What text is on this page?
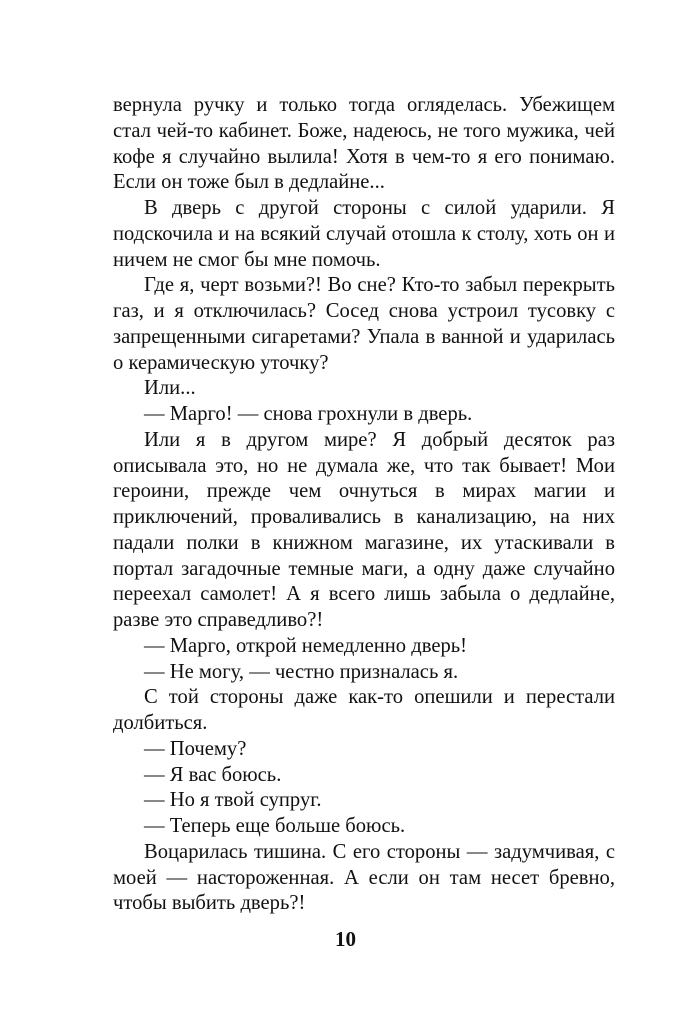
вернула ручку и только тогда огляделась. Убежищем стал чей-то кабинет. Боже, надеюсь, не того мужика, чей кофе я случайно вылила! Хотя в чем-то я его понимаю. Если он тоже был в дедлайне...

В дверь с другой стороны с силой ударили. Я подскочила и на всякий случай отошла к столу, хоть он и ничем не смог бы мне помочь.

Где я, черт возьми?! Во сне? Кто-то забыл перекрыть газ, и я отключилась? Сосед снова устроил тусовку с запрещенными сигаретами? Упала в ванной и ударилась о керамическую уточку?

Или...

— Марго! — снова грохнули в дверь.

Или я в другом мире? Я добрый десяток раз описывала это, но не думала же, что так бывает! Мои героини, прежде чем очнуться в мирах магии и приключений, проваливались в канализацию, на них падали полки в книжном магазине, их утаскивали в портал загадочные темные маги, а одну даже случайно переехал самолет! А я всего лишь забыла о дедлайне, разве это справедливо?!

— Марго, открой немедленно дверь!

— Не могу, — честно призналась я.

С той стороны даже как-то опешили и перестали долбиться.

— Почему?

— Я вас боюсь.

— Но я твой супруг.

— Теперь еще больше боюсь.

Воцарилась тишина. С его стороны — задумчивая, с моей — настороженная. А если он там несет бревно, чтобы выбить дверь?!

10
